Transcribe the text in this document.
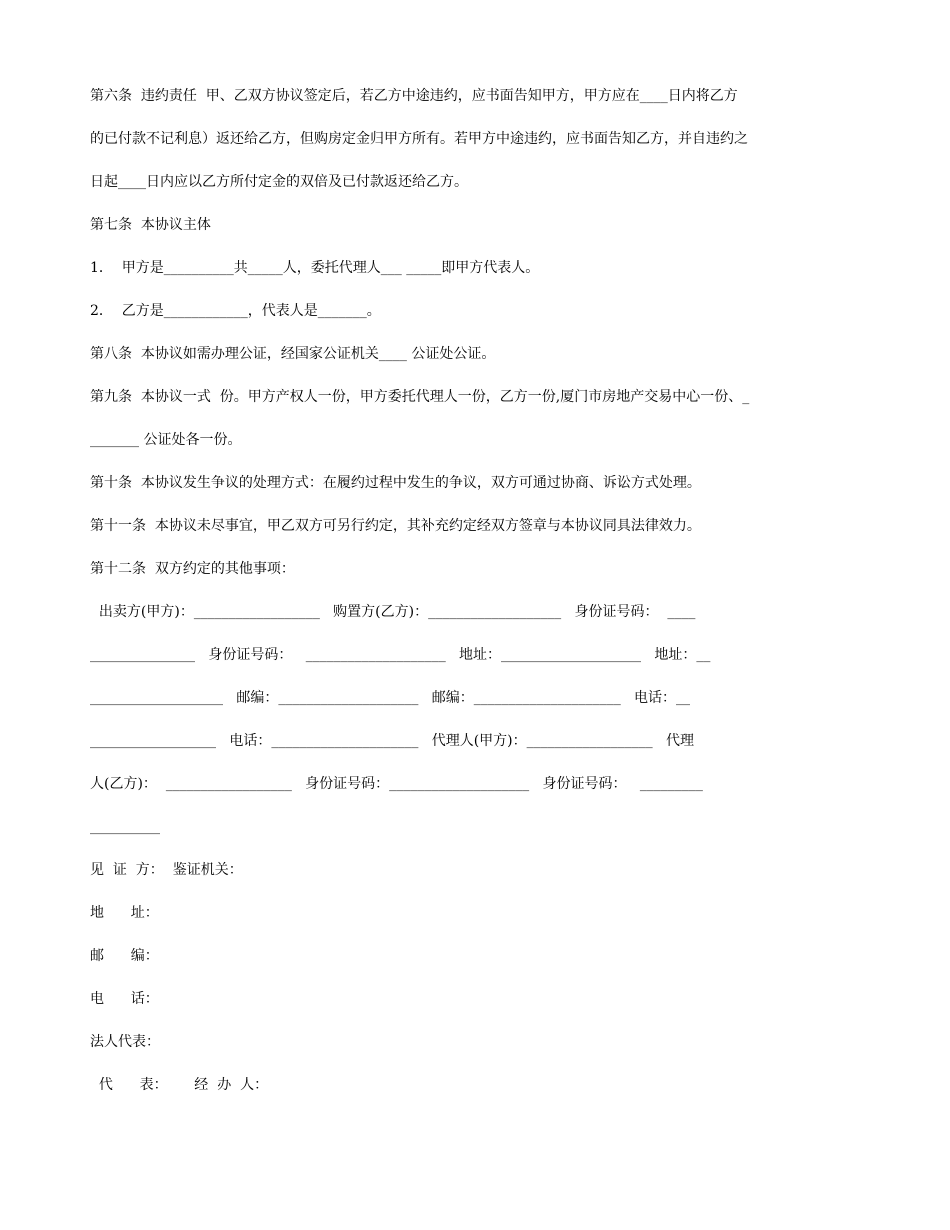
第六条  违约责任  甲、乙双方协议签定后，若乙方中途违约，应书面告知甲方，甲方应在____日内将乙方
的已付款不记利息）返还给乙方，但购房定金归甲方所有。若甲方中途违约，应书面告知乙方，并自违约之
日起____日内应以乙方所付定金的双倍及已付款返还给乙方。
第七条  本协议主体
1．  甲方是__________共_____人，委托代理人___ _____即甲方代表人。
2．  乙方是____________，代表人是_______。
第八条  本协议如需办理公证，经国家公证机关____ 公证处公证。
第九条  本协议一式  份。甲方产权人一份，甲方委托代理人一份，乙方一份,厦门市房地产交易中心一份、_
_______ 公证处各一份。
第十条  本协议发生争议的处理方式：在履约过程中发生的争议，双方可通过协商、诉讼方式处理。
第十一条  本协议未尽事宜，甲乙双方可另行约定，其补充约定经双方签章与本协议同具法律效力。
第十二条  双方约定的其他事项：
出卖方(甲方)：__________________   购置方(乙方)：___________________   身份证号码：  ____
_______________   身份证号码：   ____________________   地址：____________________   地址：__
___________________   邮编：____________________   邮编：_____________________   电话：__
__________________   电话：_____________________   代理人(甲方)：__________________   代理
人(乙方)：  __________________   身份证号码：____________________   身份证号码：   _________
__________
见  证  方：  鉴证机关：
地      址：
邮      编：
电      话：
法人代表：
代      表：      经  办  人：
